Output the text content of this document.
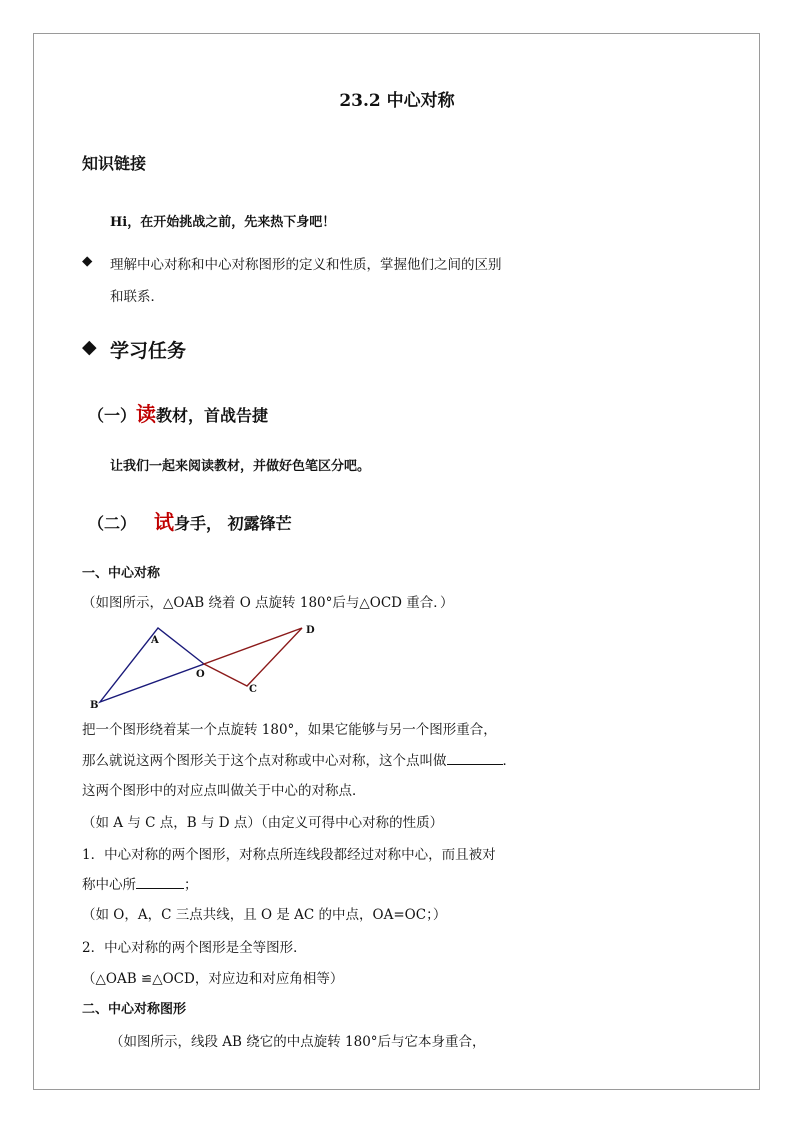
23.2 中心对称
知识链接
Hi，在开始挑战之前，先来热下身吧！
◆ 理解中心对称和中心对称图形的定义和性质，掌握他们之间的区别
和联系．
◆ 学习任务
（一）读教材，首战告捷
让我们一起来阅读教材，并做好色笔区分吧。
（二） 试身手， 初露锋芒
一、中心对称
（如图所示，△OAB 绕着 O 点旋转 180°后与△OCD 重合．）
A
B
O
C
D
把一个图形绕着某一个点旋转 180°，如果它能够与另一个图形重合，
那么就说这两个图形关于这个点对称或中心对称，这个点叫做	．
这两个图形中的对应点叫做关于中心的对称点．
（如 A 与 C 点，B 与 D 点）（由定义可得中心对称的性质）
1．中心对称的两个图形，对称点所连线段都经过对称中心，而且被对
称中心所	；
（如 O，A，C 三点共线，且 O 是 AC 的中点，OA=OC；）
2．中心对称的两个图形是全等图形．
（△OAB ≌△OCD，对应边和对应角相等）
二、中心对称图形
（如图所示，线段 AB 绕它的中点旋转 180°后与它本身重合，
